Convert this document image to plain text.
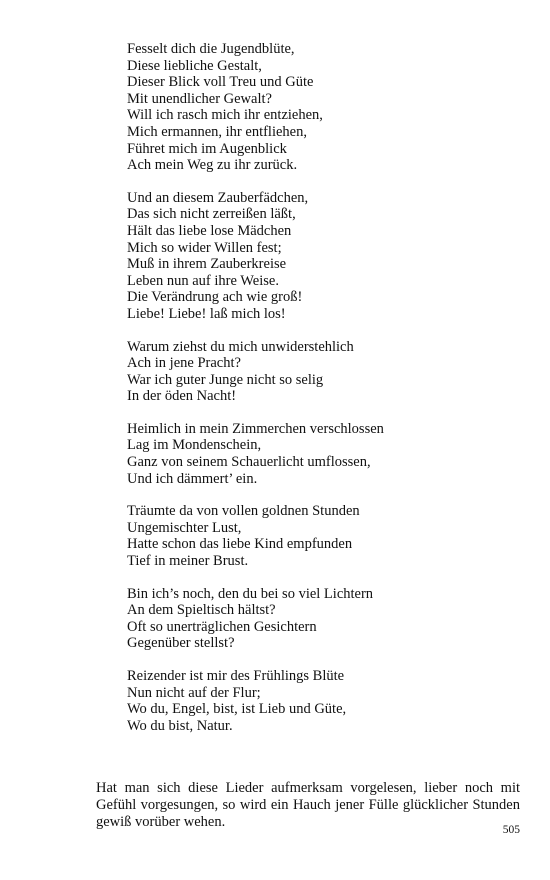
Fesselt dich die Jugendblüte,
Diese liebliche Gestalt,
Dieser Blick voll Treu und Güte
Mit unendlicher Gewalt?
Will ich rasch mich ihr entziehen,
Mich ermannen, ihr entfliehen,
Führet mich im Augenblick
Ach mein Weg zu ihr zurück.
Und an diesem Zauberfädchen,
Das sich nicht zerreißen läßt,
Hält das liebe lose Mädchen
Mich so wider Willen fest;
Muß in ihrem Zauberkreise
Leben nun auf ihre Weise.
Die Verändrung ach wie groß!
Liebe! Liebe! laß mich los!
Warum ziehst du mich unwiderstehlich
Ach in jene Pracht?
War ich guter Junge nicht so selig
In der öden Nacht!
Heimlich in mein Zimmerchen verschlossen
Lag im Mondenschein,
Ganz von seinem Schauerlicht umflossen,
Und ich dämmert’ ein.
Träumte da von vollen goldnen Stunden
Ungemischter Lust,
Hatte schon das liebe Kind empfunden
Tief in meiner Brust.
Bin ich’s noch, den du bei so viel Lichtern
An dem Spieltisch hältst?
Oft so unerträglichen Gesichtern
Gegenüber stellst?
Reizender ist mir des Frühlings Blüte
Nun nicht auf der Flur;
Wo du, Engel, bist, ist Lieb und Güte,
Wo du bist, Natur.

Hat man sich diese Lieder aufmerksam vorgelesen, lieber noch mit Gefühl vorgesungen, so wird ein Hauch jener Fülle glücklicher Stunden gewiß vorüber wehen.

505
